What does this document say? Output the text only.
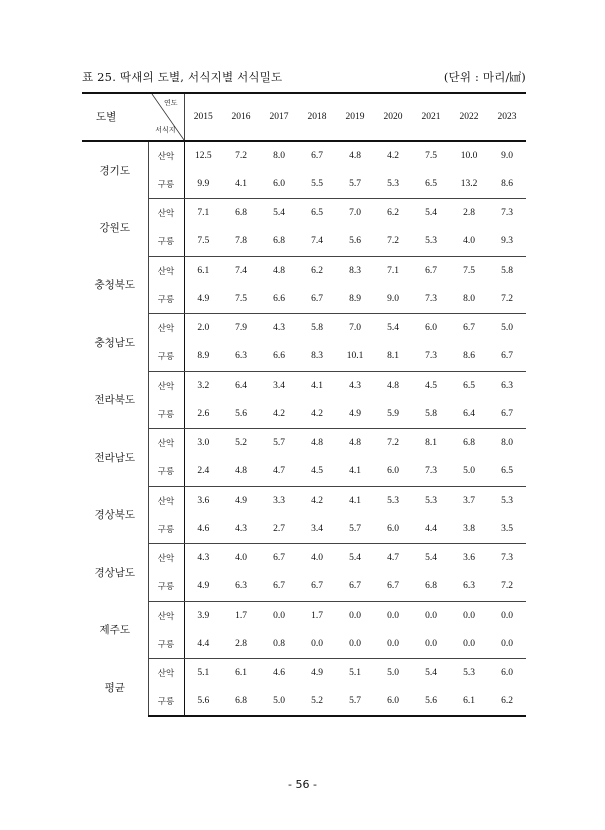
표 25. 딱새의 도별, 서식지별 서식밀도	(단위 : 마리/㎢)
도별
연도
서식지		2015	2016	2017	2018	2019	2020	2021	2022	2023
경기도	산악	12.5	7.2	8.0	6.7	4.8	4.2	7.5	10.0	9.0
	구릉	9.9	4.1	6.0	5.5	5.7	5.3	6.5	13.2	8.6
강원도	산악	7.1	6.8	5.4	6.5	7.0	6.2	5.4	2.8	7.3
	구릉	7.5	7.8	6.8	7.4	5.6	7.2	5.3	4.0	9.3
충청북도	산악	6.1	7.4	4.8	6.2	8.3	7.1	6.7	7.5	5.8
	구릉	4.9	7.5	6.6	6.7	8.9	9.0	7.3	8.0	7.2
충청남도	산악	2.0	7.9	4.3	5.8	7.0	5.4	6.0	6.7	5.0
	구릉	8.9	6.3	6.6	8.3	10.1	8.1	7.3	8.6	6.7
전라북도	산악	3.2	6.4	3.4	4.1	4.3	4.8	4.5	6.5	6.3
	구릉	2.6	5.6	4.2	4.2	4.9	5.9	5.8	6.4	6.7
전라남도	산악	3.0	5.2	5.7	4.8	4.8	7.2	8.1	6.8	8.0
	구릉	2.4	4.8	4.7	4.5	4.1	6.0	7.3	5.0	6.5
경상북도	산악	3.6	4.9	3.3	4.2	4.1	5.3	5.3	3.7	5.3
	구릉	4.6	4.3	2.7	3.4	5.7	6.0	4.4	3.8	3.5
경상남도	산악	4.3	4.0	6.7	4.0	5.4	4.7	5.4	3.6	7.3
	구릉	4.9	6.3	6.7	6.7	6.7	6.7	6.8	6.3	7.2
제주도	산악	3.9	1.7	0.0	1.7	0.0	0.0	0.0	0.0	0.0
	구릉	4.4	2.8	0.8	0.0	0.0	0.0	0.0	0.0	0.0
평균	산악	5.1	6.1	4.6	4.9	5.1	5.0	5.4	5.3	6.0
	구릉	5.6	6.8	5.0	5.2	5.7	6.0	5.6	6.1	6.2
- 56 -
